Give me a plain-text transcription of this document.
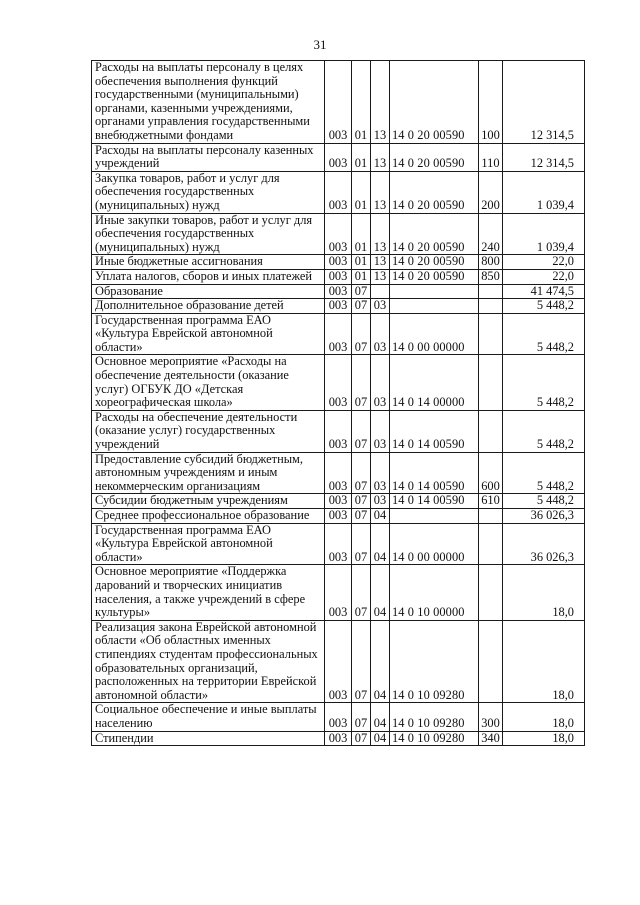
31
Расходы на выплаты персоналу в целях обеспечения выполнения функций государственными (муниципальными) органами, казенными учреждениями, органами управления государственными внебюджетными фондами	003	01	13	14 0 20 00590	100	12 314,5
Расходы на выплаты персоналу казенных учреждений	003	01	13	14 0 20 00590	110	12 314,5
Закупка товаров, работ и услуг для обеспечения государственных (муниципальных) нужд	003	01	13	14 0 20 00590	200	1 039,4
Иные закупки товаров, работ и услуг для обеспечения государственных (муниципальных) нужд	003	01	13	14 0 20 00590	240	1 039,4
Иные бюджетные ассигнования	003	01	13	14 0 20 00590	800	22,0
Уплата налогов, сборов и иных платежей	003	01	13	14 0 20 00590	850	22,0
Образование	003	07				41 474,5
Дополнительное образование детей	003	07	03			5 448,2
Государственная программа ЕАО «Культура Еврейской автономной области»	003	07	03	14 0 00 00000		5 448,2
Основное мероприятие «Расходы на обеспечение деятельности (оказание услуг) ОГБУК ДО «Детская хореографическая школа»	003	07	03	14 0 14 00000		5 448,2
Расходы на обеспечение деятельности (оказание услуг) государственных учреждений	003	07	03	14 0 14 00590		5 448,2
Предоставление субсидий бюджетным, автономным учреждениям и иным некоммерческим организациям	003	07	03	14 0 14 00590	600	5 448,2
Субсидии бюджетным учреждениям	003	07	03	14 0 14 00590	610	5 448,2
Среднее профессиональное образование	003	07	04			36 026,3
Государственная программа ЕАО «Культура Еврейской автономной области»	003	07	04	14 0 00 00000		36 026,3
Основное мероприятие «Поддержка дарований и творческих инициатив населения, а также учреждений в сфере культуры»	003	07	04	14 0 10 00000		18,0
Реализация закона Еврейской автономной области «Об областных именных стипендиях студентам профессиональных образовательных организаций, расположенных на территории Еврейской автономной области»	003	07	04	14 0 10 09280		18,0
Социальное обеспечение и иные выплаты населению	003	07	04	14 0 10 09280	300	18,0
Стипендии	003	07	04	14 0 10 09280	340	18,0
